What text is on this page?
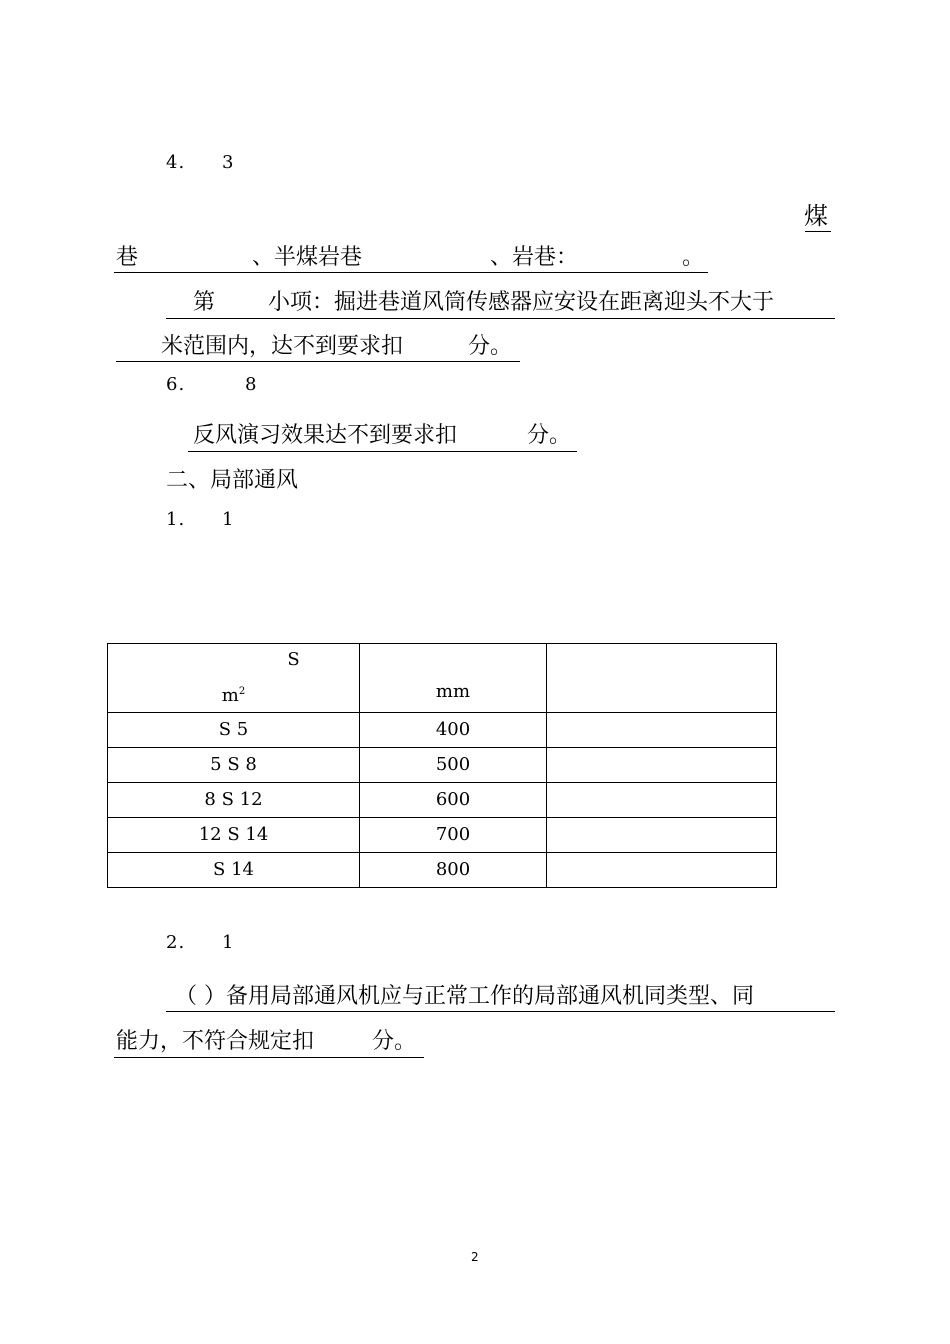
4. 3
煤
巷	、半煤岩巷	、岩巷：	。
第 小项：掘进巷道风筒传感器应安设在距离迎头不大于
米范围内，达不到要求扣	分。
6.	8
反风演习效果达不到要求扣	分。
二、局部通风
1. 1
S
$m^2$	mm	

S 5	400	
5 S 8	500	
8 S 12	600	
12 S 14	700	
S 14	800	
2. 1
（ ）备用局部通风机应与正常工作的局部通风机同类型、同
能力，不符合规定扣	分。
2
